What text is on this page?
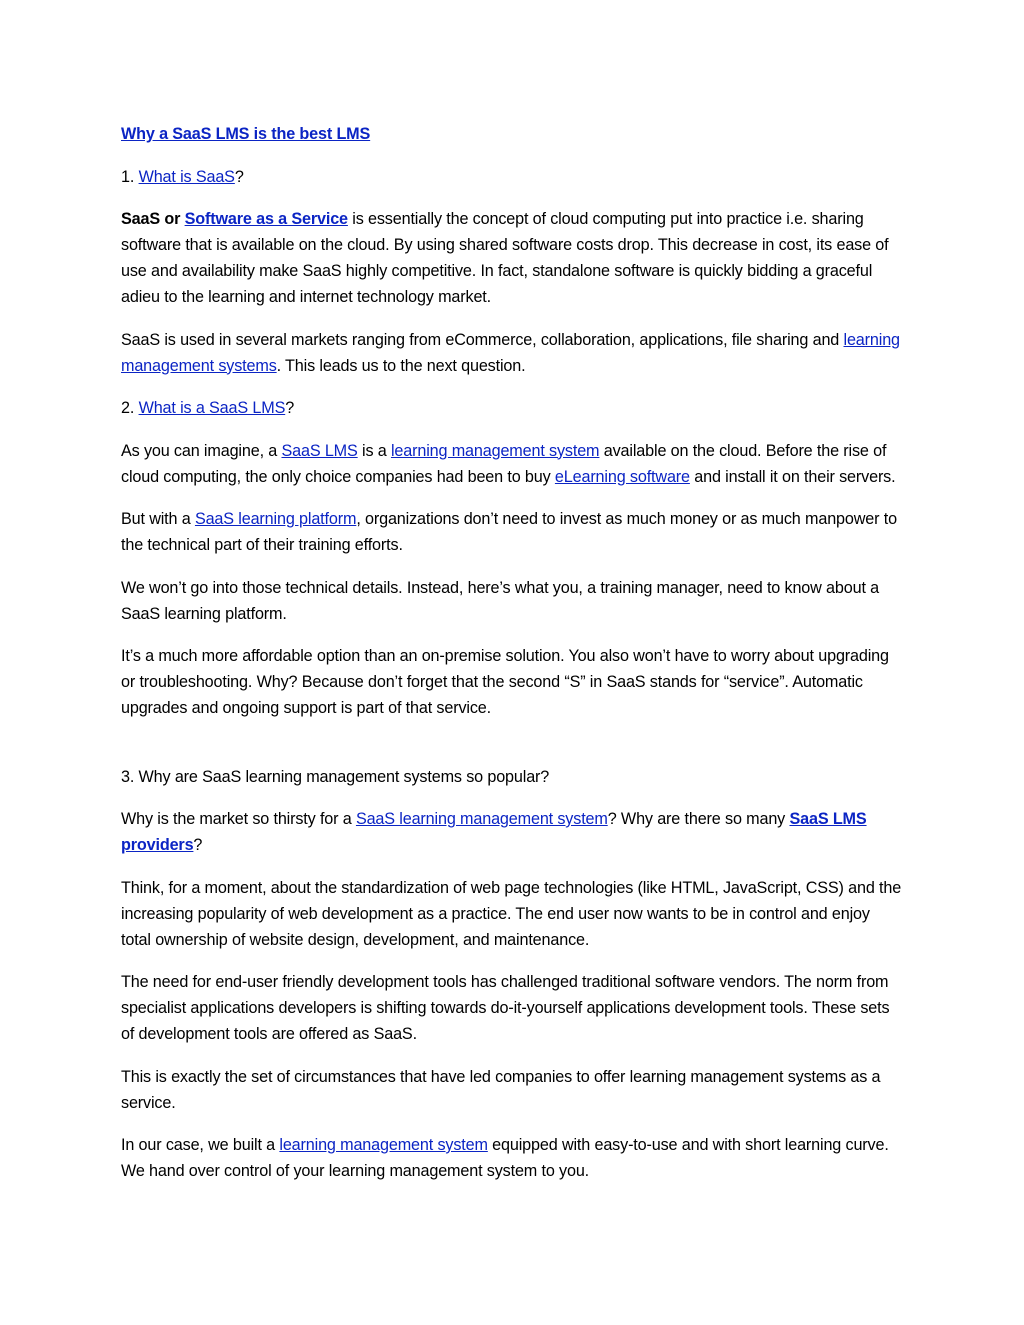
Why a SaaS LMS is the best LMS

1. What is SaaS?

SaaS or Software as a Service is essentially the concept of cloud computing put into practice i.e. sharing software that is available on the cloud. By using shared software costs drop. This decrease in cost, its ease of use and availability make SaaS highly competitive. In fact, standalone software is quickly bidding a graceful adieu to the learning and internet technology market.

SaaS is used in several markets ranging from eCommerce, collaboration, applications, file sharing and learning management systems. This leads us to the next question.

2. What is a SaaS LMS?

As you can imagine, a SaaS LMS is a learning management system available on the cloud. Before the rise of cloud computing, the only choice companies had been to buy eLearning software and install it on their servers.

But with a SaaS learning platform, organizations don’t need to invest as much money or as much manpower to the technical part of their training efforts.

We won’t go into those technical details. Instead, here’s what you, a training manager, need to know about a SaaS learning platform.

It’s a much more affordable option than an on-premise solution. You also won’t have to worry about upgrading or troubleshooting. Why? Because don’t forget that the second “S” in SaaS stands for “service”. Automatic upgrades and ongoing support is part of that service.

3. Why are SaaS learning management systems so popular?

Why is the market so thirsty for a SaaS learning management system? Why are there so many SaaS LMS providers?

Think, for a moment, about the standardization of web page technologies (like HTML, JavaScript, CSS) and the increasing popularity of web development as a practice. The end user now wants to be in control and enjoy total ownership of website design, development, and maintenance.

The need for end-user friendly development tools has challenged traditional software vendors. The norm from specialist applications developers is shifting towards do-it-yourself applications development tools. These sets of development tools are offered as SaaS.

This is exactly the set of circumstances that have led companies to offer learning management systems as a service.

In our case, we built a learning management system equipped with easy-to-use and with short learning curve. We hand over control of your learning management system to you.
